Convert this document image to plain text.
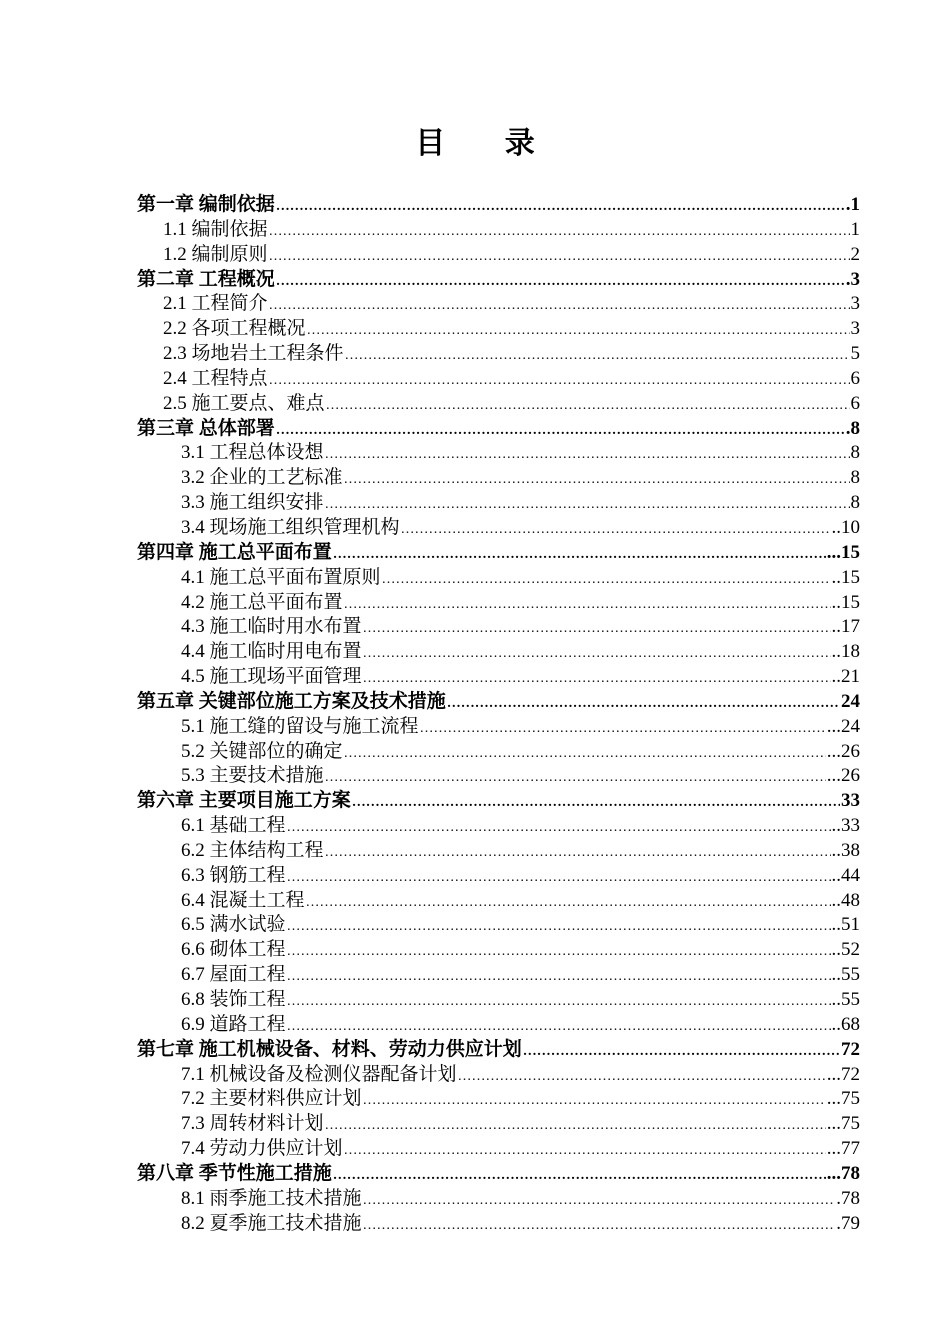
目 录
第一章 编制依据 …………………………………………………………………………………………………………………………………………………………………………	.1
1.1 编制依据 …………………………………………………………………………………………………………………………………………………………………………	1
1.2 编制原则 …………………………………………………………………………………………………………………………………………………………………………	2
第二章 工程概况 …………………………………………………………………………………………………………………………………………………………………………	.3
2.1 工程简介 …………………………………………………………………………………………………………………………………………………………………………	3
2.2 各项工程概况 …………………………………………………………………………………………………………………………………………………………………………	3
2.3 场地岩土工程条件 …………………………………………………………………………………………………………………………………………………………………………	5
2.4 工程特点 …………………………………………………………………………………………………………………………………………………………………………	6
2.5 施工要点、难点 …………………………………………………………………………………………………………………………………………………………………………	6
第三章 总体部署 …………………………………………………………………………………………………………………………………………………………………………	.8
3.1 工程总体设想 …………………………………………………………………………………………………………………………………………………………………………	8
3.2 企业的工艺标准 …………………………………………………………………………………………………………………………………………………………………………	8
3.3 施工组织安排 …………………………………………………………………………………………………………………………………………………………………………	8
3.4 现场施工组织管理机构 …………………………………………………………………………………………………………………………………………………………………………	..10
第四章 施工总平面布置 …………………………………………………………………………………………………………………………………………………………………………	...15
4.1 施工总平面布置原则 …………………………………………………………………………………………………………………………………………………………………………	..15
4.2 施工总平面布置 …………………………………………………………………………………………………………………………………………………………………………	..15
4.3 施工临时用水布置 …………………………………………………………………………………………………………………………………………………………………………	..17
4.4 施工临时用电布置 …………………………………………………………………………………………………………………………………………………………………………	..18
4.5 施工现场平面管理 …………………………………………………………………………………………………………………………………………………………………………	..21
第五章 关键部位施工方案及技术措施 …………………………………………………………………………………………………………………………………………………………………………	24
5.1 施工缝的留设与施工流程 …………………………………………………………………………………………………………………………………………………………………………	...24
5.2 关键部位的确定 …………………………………………………………………………………………………………………………………………………………………………	...26
5.3 主要技术措施 …………………………………………………………………………………………………………………………………………………………………………	...26
第六章 主要项目施工方案 …………………………………………………………………………………………………………………………………………………………………………	33
6.1 基础工程 …………………………………………………………………………………………………………………………………………………………………………	..33
6.2 主体结构工程 …………………………………………………………………………………………………………………………………………………………………………	..38
6.3 钢筋工程 …………………………………………………………………………………………………………………………………………………………………………	..44
6.4 混凝土工程 …………………………………………………………………………………………………………………………………………………………………………	..48
6.5 满水试验 …………………………………………………………………………………………………………………………………………………………………………	..51
6.6 砌体工程 …………………………………………………………………………………………………………………………………………………………………………	..52
6.7 屋面工程 …………………………………………………………………………………………………………………………………………………………………………	..55
6.8 装饰工程 …………………………………………………………………………………………………………………………………………………………………………	..55
6.9 道路工程 …………………………………………………………………………………………………………………………………………………………………………	..68
第七章 施工机械设备、材料、劳动力供应计划 …………………………………………………………………………………………………………………………………………………………………………	72
7.1 机械设备及检测仪器配备计划 …………………………………………………………………………………………………………………………………………………………………………	...72
7.2 主要材料供应计划 …………………………………………………………………………………………………………………………………………………………………………	...75
7.3 周转材料计划 …………………………………………………………………………………………………………………………………………………………………………	...75
7.4 劳动力供应计划 …………………………………………………………………………………………………………………………………………………………………………	...77
第八章 季节性施工措施 …………………………………………………………………………………………………………………………………………………………………………	...78
8.1 雨季施工技术措施 …………………………………………………………………………………………………………………………………………………………………………	.78
8.2 夏季施工技术措施 …………………………………………………………………………………………………………………………………………………………………………	.79
